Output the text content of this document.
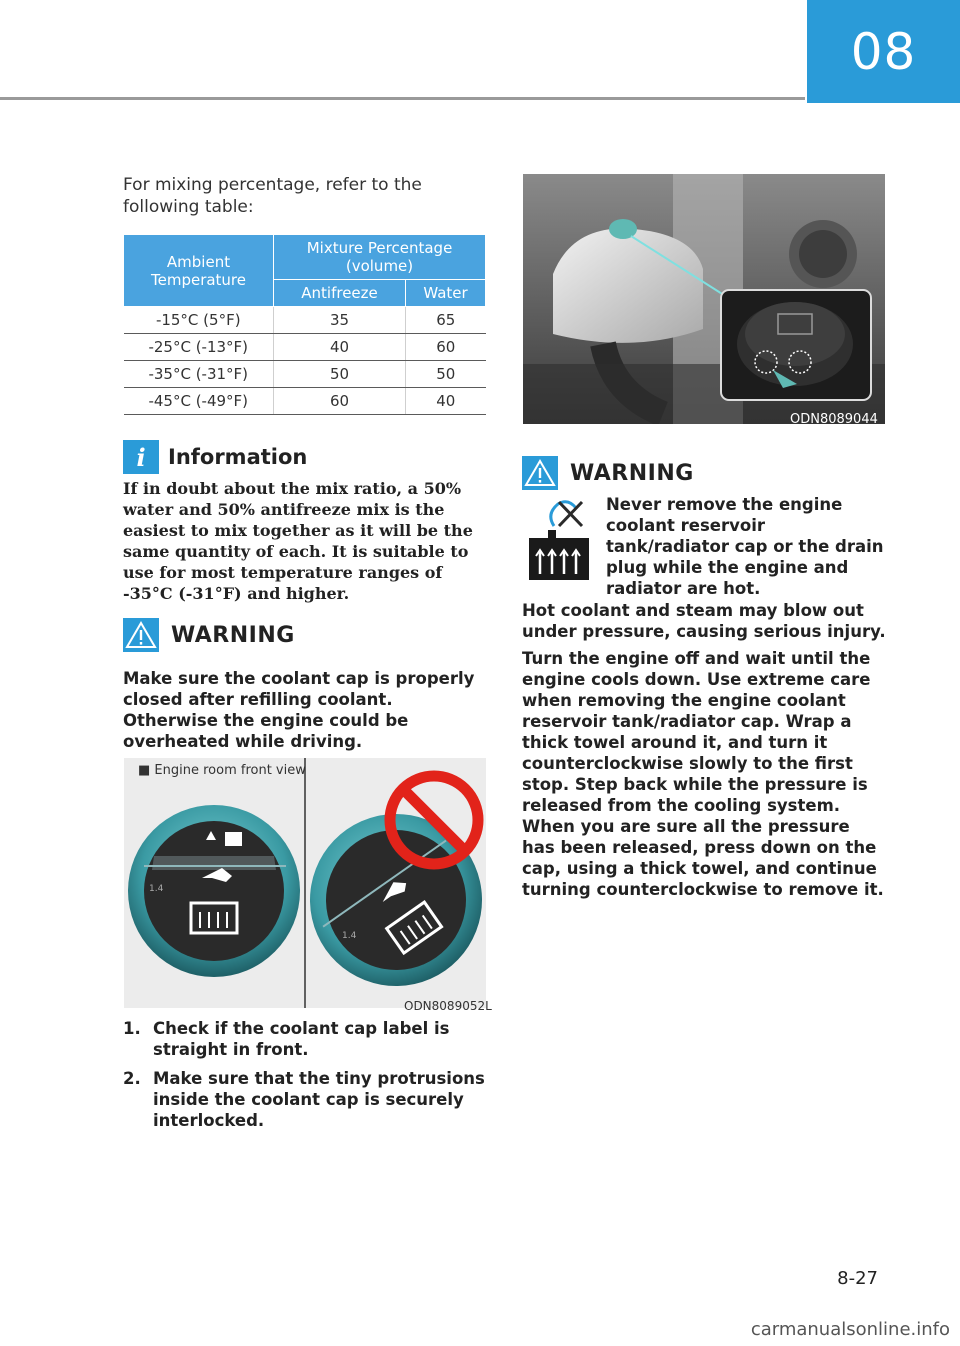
08
For mixing percentage, refer to the following table:
Ambient Temperature	Mixture Percentage (volume)	
	Antifreeze	Water
-15°C (5°F)	35	65
-25°C (-13°F)	40	60
-35°C (-31°F)	50	50
-45°C (-49°F)	60	40
i	Information
If in doubt about the mix ratio, a 50% water and 50% antifreeze mix is the easiest to mix together as it will be the same quantity of each. It is suitable to use for most temperature ranges of -35°C (-31°F) and higher.
WARNING
Make sure the coolant cap is properly closed after refilling coolant. Otherwise the engine could be overheated while driving.
1.4
1.4
■ Engine room front view
ODN8089052L
1. Check if the coolant cap label is straight in front.
2. Make sure that the tiny protrusions inside the coolant cap is securely interlocked.
ODN8089044
WARNING
Never remove the engine coolant reservoir tank/radiator cap or the drain plug while the engine and radiator are hot.
Hot coolant and steam may blow out under pressure, causing serious injury.
Turn the engine off and wait until the engine cools down. Use extreme care when removing the engine coolant reservoir tank/radiator cap. Wrap a thick towel around it, and turn it counterclockwise slowly to the first stop. Step back while the pressure is released from the cooling system. When you are sure all the pressure has been released, press down on the cap, using a thick towel, and continue turning counterclockwise to remove it.
8-27
carmanualsonline.info
